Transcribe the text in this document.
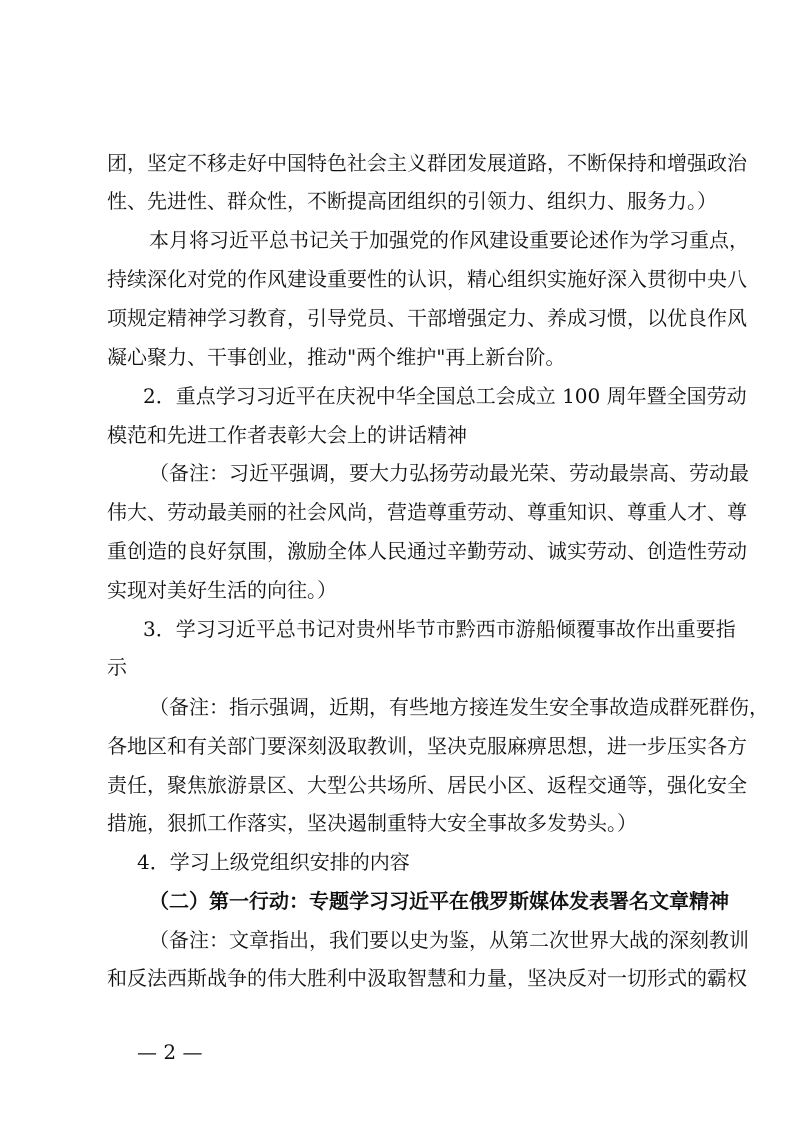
团，坚定不移走好中国特色社会主义群团发展道路，不断保持和增强政治
性、先进性、群众性，不断提高团组织的引领力、组织力、服务力。）
本月将习近平总书记关于加强党的作风建设重要论述作为学习重点，
持续深化对党的作风建设重要性的认识，精心组织实施好深入贯彻中央八
项规定精神学习教育，引导党员、干部增强定力、养成习惯，以优良作风
凝心聚力、干事创业，推动"两个维护"再上新台阶。
2．重点学习习近平在庆祝中华全国总工会成立 100 周年暨全国劳动
模范和先进工作者表彰大会上的讲话精神
（备注：习近平强调，要大力弘扬劳动最光荣、劳动最崇高、劳动最
伟大、劳动最美丽的社会风尚，营造尊重劳动、尊重知识、尊重人才、尊
重创造的良好氛围，激励全体人民通过辛勤劳动、诚实劳动、创造性劳动
实现对美好生活的向往。）
3．学习习近平总书记对贵州毕节市黔西市游船倾覆事故作出重要指
示
（备注：指示强调，近期，有些地方接连发生安全事故造成群死群伤，
各地区和有关部门要深刻汲取教训，坚决克服麻痹思想，进一步压实各方
责任，聚焦旅游景区、大型公共场所、居民小区、返程交通等，强化安全
措施，狠抓工作落实，坚决遏制重特大安全事故多发势头。）
4．学习上级党组织安排的内容
（二）第一行动：专题学习习近平在俄罗斯媒体发表署名文章精神
（备注：文章指出，我们要以史为鉴，从第二次世界大战的深刻教训
和反法西斯战争的伟大胜利中汲取智慧和力量，坚决反对一切形式的霸权
— 2 —
